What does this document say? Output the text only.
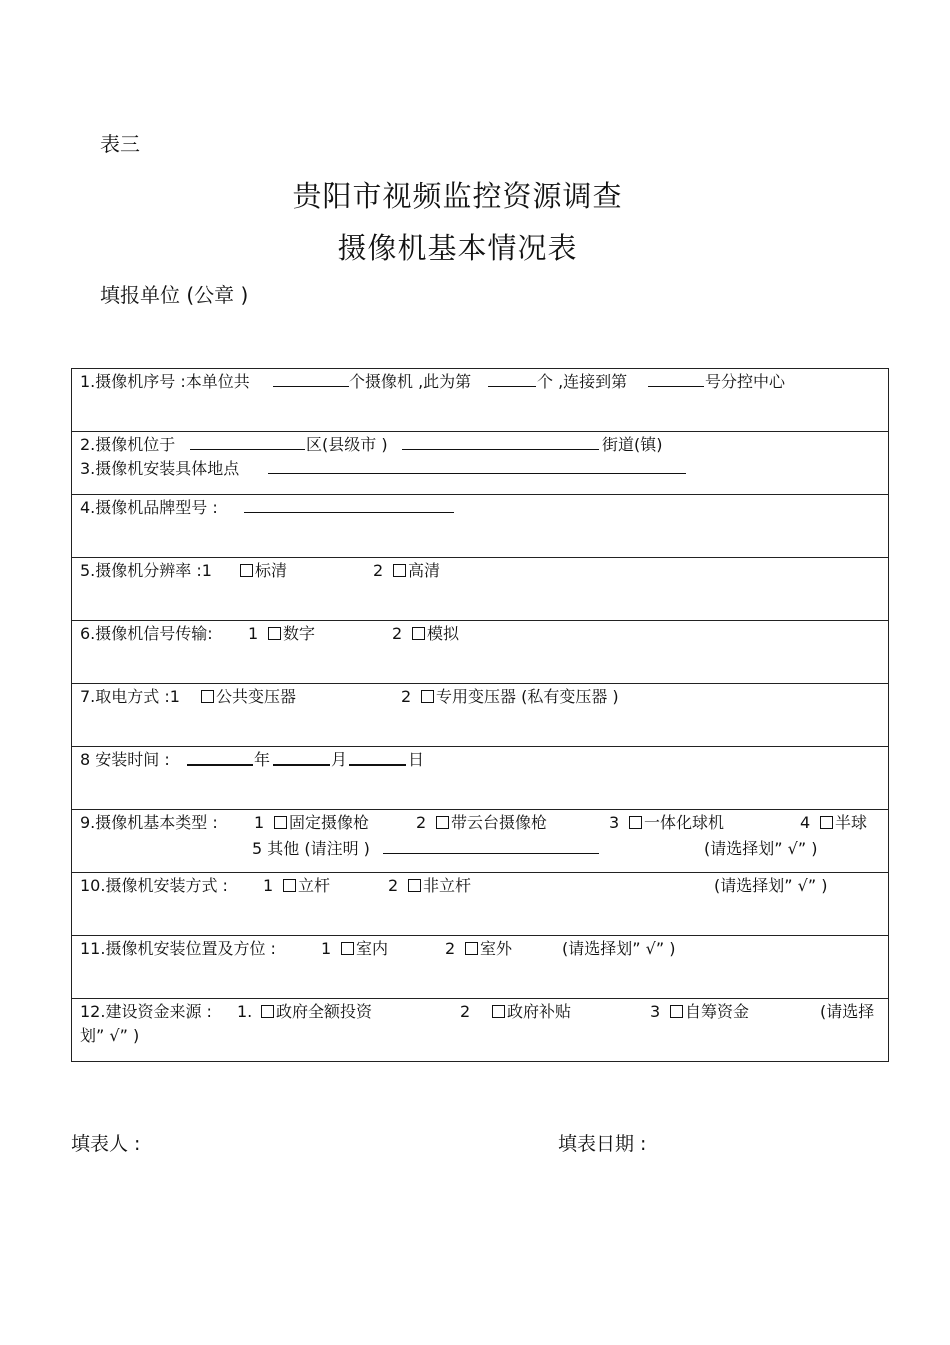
表三
贵阳市视频监控资源调查
摄像机基本情况表
填报单位 (公章 )
1.摄像机序号 :本单位共	个摄像机 ,此为第	个 ,连接到第	号分控中心
2.摄像机位于	区(县级市 )	街道(镇)
3.摄像机安装具体地点
4.摄像机品牌型号 :
5.摄像机分辨率 :1	标清	2	高清
6.摄像机信号传输: 1	数字	2	模拟
7.取电方式 :1	公共变压器	2	专用变压器 (私有变压器 )
8 安装时间 :	年	月	日
9.摄像机基本类型 : 1	固定摄像枪	2	带云台摄像枪	3	一体化球机	4	半球
5 其他 (请注明 )	(请选择划” √” )
10.摄像机安装方式 : 1	立杆	2	非立杆	(请选择划” √” )
11.摄像机安装位置及方位 :	1	室内	2	室外	(请选择划” √” )
12.建设资金来源 : 1.	政府全额投资	2	政府补贴	3	自筹资金	(请选择
划” √” )
填表人 :	填表日期 :
